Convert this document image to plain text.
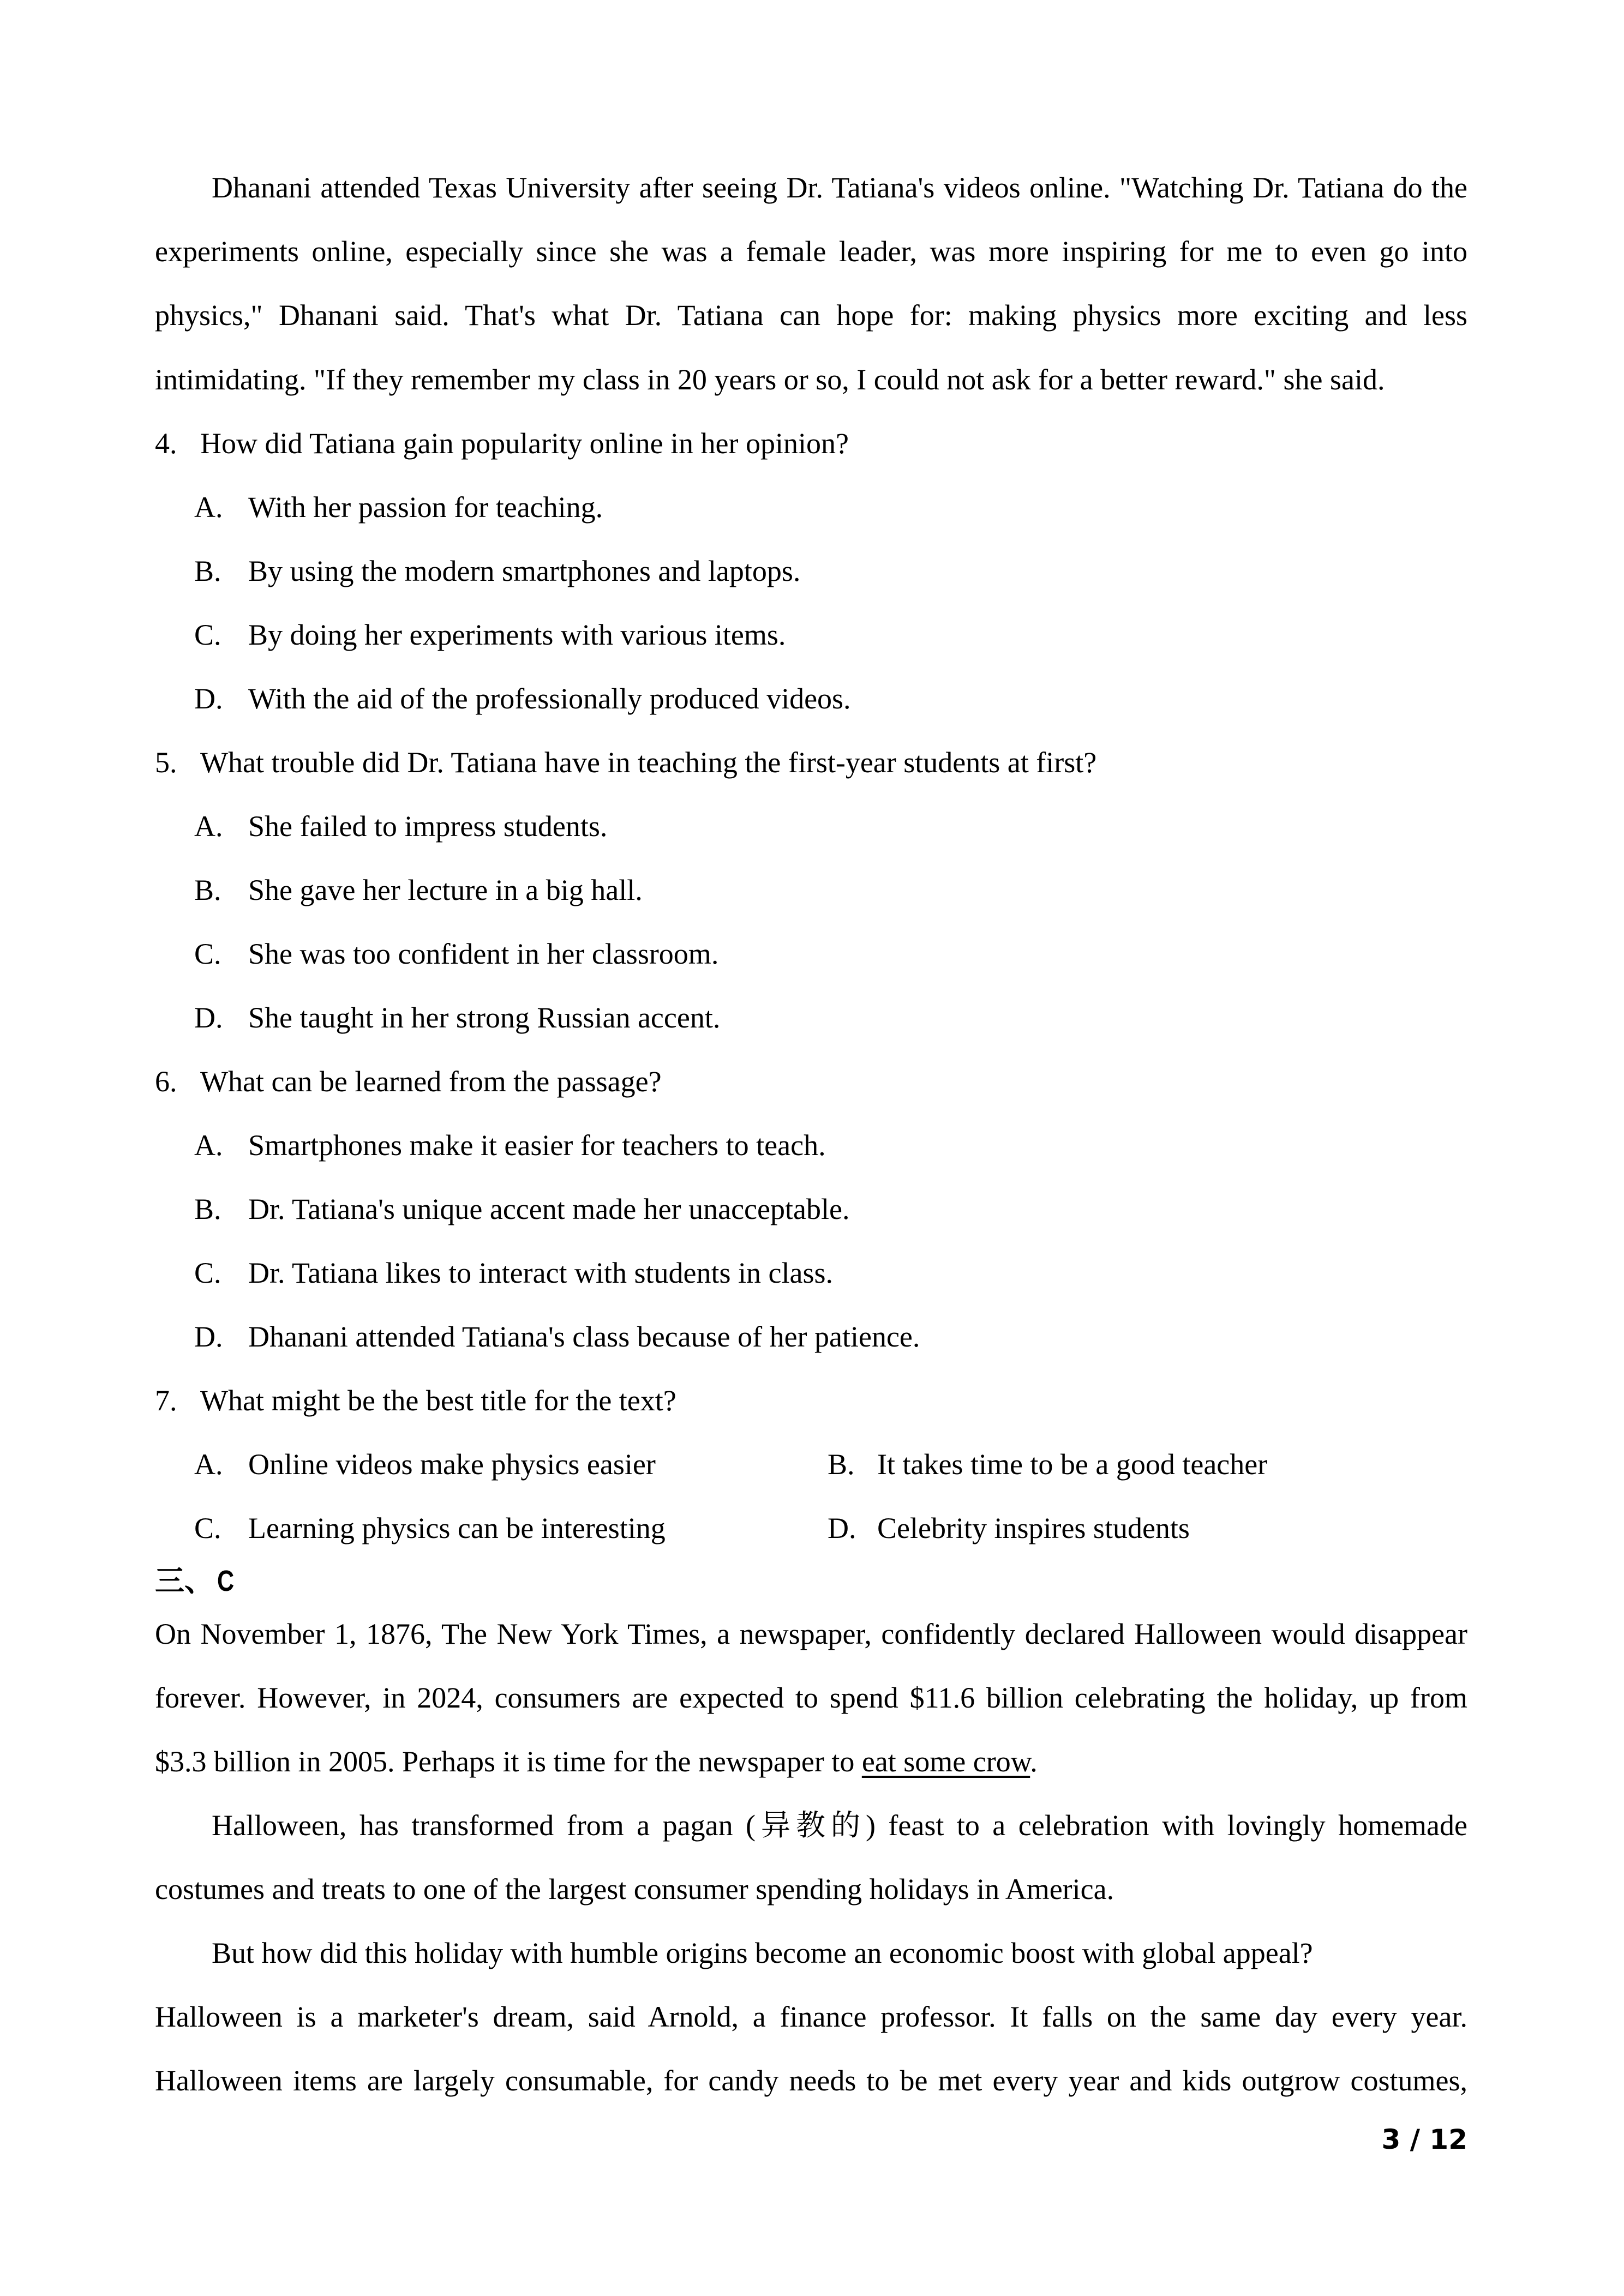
Dhanani attended Texas University after seeing Dr. Tatiana's videos online. "Watching Dr. Tatiana do the
experiments online, especially since she was a female leader, was more inspiring for me to even go into
physics," Dhanani said. That's what Dr. Tatiana can hope for: making physics more exciting and less
intimidating. "If they remember my class in 20 years or so, I could not ask for a better reward." she said.
4. How did Tatiana gain popularity online in her opinion?
A. With her passion for teaching.
B. By using the modern smartphones and laptops.
C. By doing her experiments with various items.
D. With the aid of the professionally produced videos.
5. What trouble did Dr. Tatiana have in teaching the first-year students at first?
A. She failed to impress students.
B. She gave her lecture in a big hall.
C. She was too confident in her classroom.
D. She taught in her strong Russian accent.
6. What can be learned from the passage?
A. Smartphones make it easier for teachers to teach.
B. Dr. Tatiana's unique accent made her unacceptable.
C. Dr. Tatiana likes to interact with students in class.
D. Dhanani attended Tatiana's class because of her patience.
7. What might be the best title for the text?
A. Online videos make physics easier	B. It takes time to be a good teacher
C. Learning physics can be interesting	D. Celebrity inspires students
三、 C
On November 1, 1876, The New York Times, a newspaper, confidently declared Halloween would disappear
forever. However, in 2024, consumers are expected to spend $11.6 billion celebrating the holiday, up from
$3.3 billion in 2005. Perhaps it is time for the newspaper to eat some crow.
Halloween, has transformed from a pagan (异教的) feast to a celebration with lovingly homemade
costumes and treats to one of the largest consumer spending holidays in America.
But how did this holiday with humble origins become an economic boost with global appeal?
Halloween is a marketer's dream, said Arnold, a finance professor. It falls on the same day every year.
Halloween items are largely consumable, for candy needs to be met every year and kids outgrow costumes,
3 / 12
